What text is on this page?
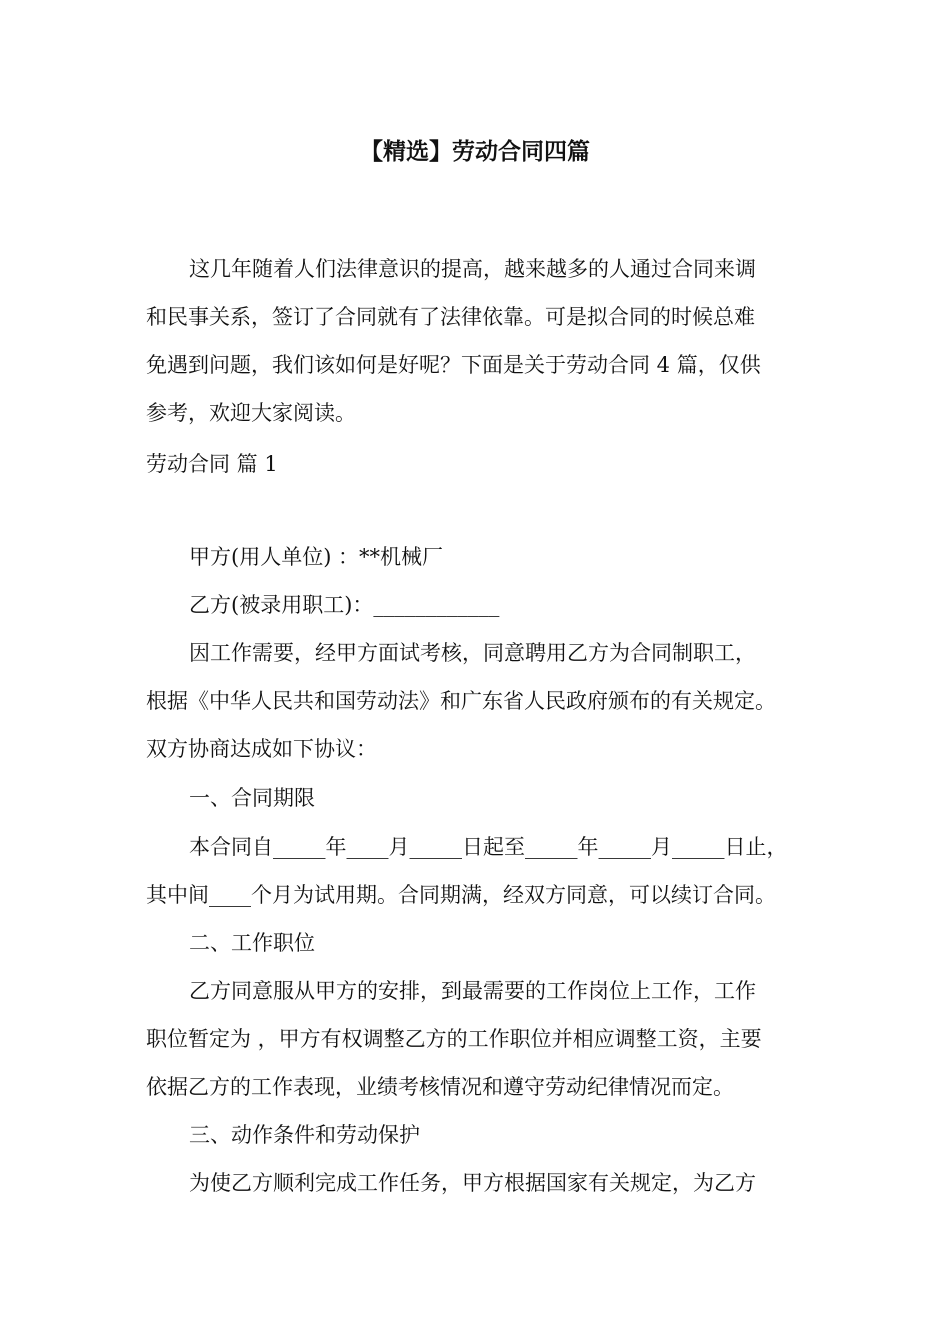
【精选】劳动合同四篇

这几年随着人们法律意识的提高，越来越多的人通过合同来调

和民事关系，签订了合同就有了法律依靠。可是拟合同的时候总难

免遇到问题，我们该如何是好呢？下面是关于劳动合同 4 篇，仅供

参考，欢迎大家阅读。

劳动合同 篇 1

甲方(用人单位) ：**机械厂

乙方(被录用职工)：____________

因工作需要，经甲方面试考核，同意聘用乙方为合同制职工，

根据《中华人民共和国劳动法》和广东省人民政府颁布的有关规定。

双方协商达成如下协议：

一、合同期限

本合同自_____年____月_____日起至_____年_____月_____日止，

其中间____个月为试用期。合同期满，经双方同意，可以续订合同。

二、工作职位

乙方同意服从甲方的安排，到最需要的工作岗位上工作，工作

职位暂定为 ，甲方有权调整乙方的工作职位并相应调整工资，主要

依据乙方的工作表现，业绩考核情况和遵守劳动纪律情况而定。

三、动作条件和劳动保护

为使乙方顺利完成工作任务，甲方根据国家有关规定，为乙方
